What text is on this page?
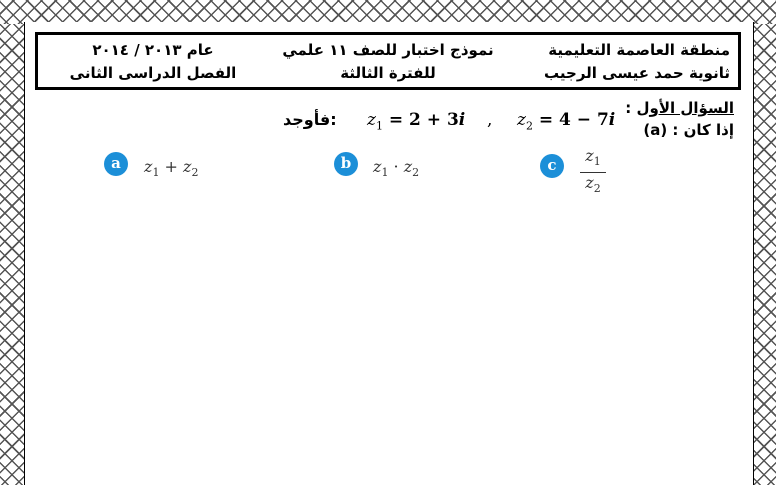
منطقة العاصمة التعليمية
ثانوية حمد عيسى الرجيب
نموذج اختبار للصف ١١ علمي
للفترة الثالثة
عام ٢٠١٣ / ٢٠١٤
الفصل الدراسى الثانى
السؤال الأول :
إذا كان : (a)
فأوجد: $z_1 = 2 + 3i$ , $z_2 = 4 - 7i$
a	$z_1 + z_2$
b	$z_1 \cdot z_2$	c	$\frac{z_1}{z_2}$
